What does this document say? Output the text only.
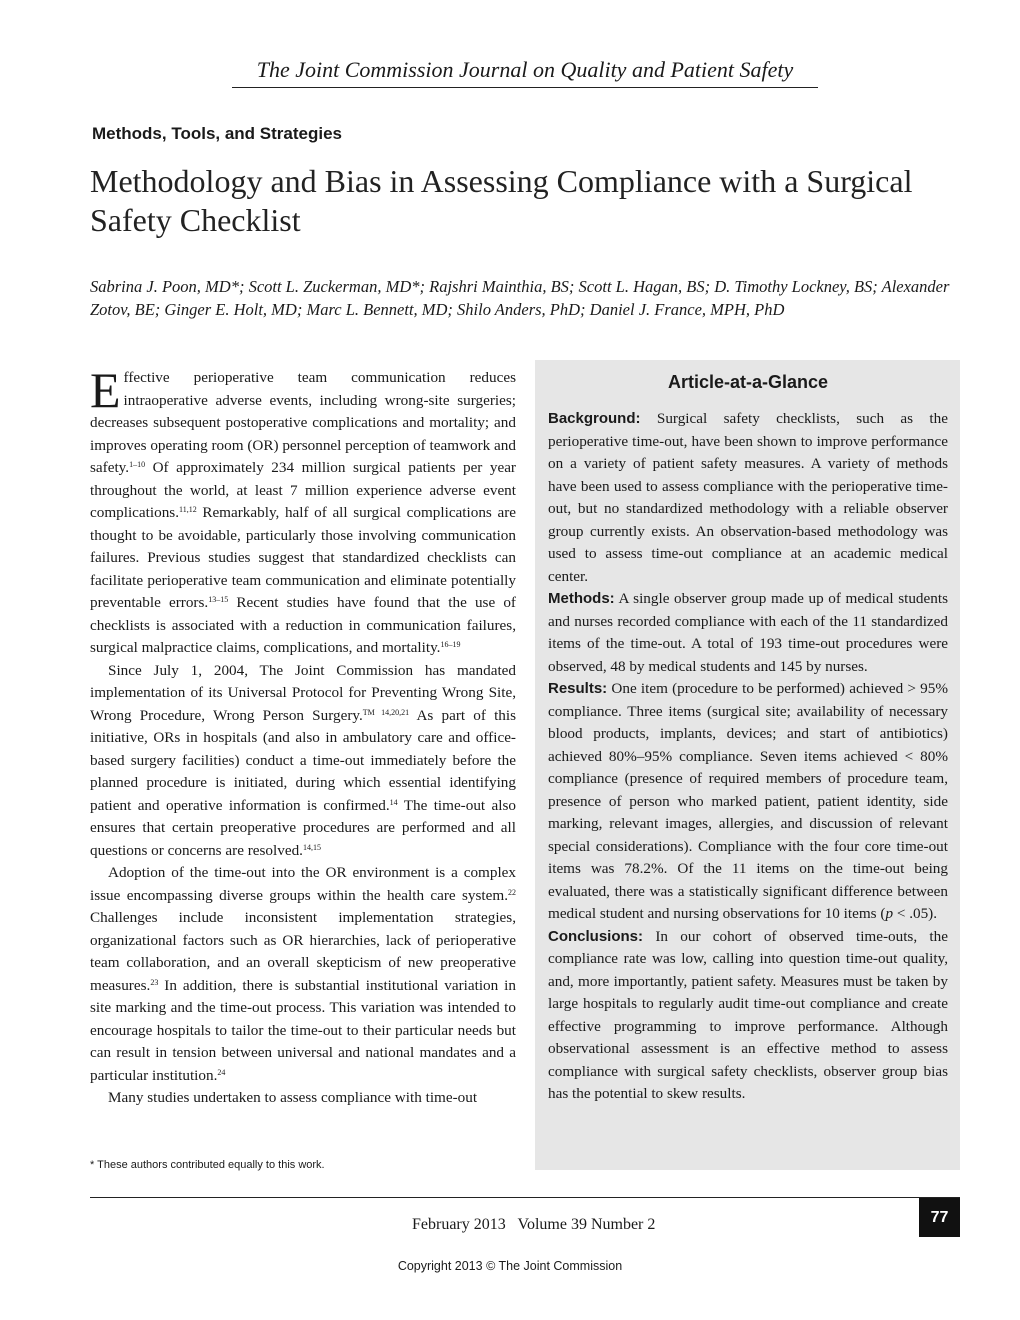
The Joint Commission Journal on Quality and Patient Safety
Methods, Tools, and Strategies
Methodology and Bias in Assessing Compliance with a Surgical Safety Checklist
Sabrina J. Poon, MD*; Scott L. Zuckerman, MD*; Rajshri Mainthia, BS; Scott L. Hagan, BS; D. Timothy Lockney, BS; Alexander Zotov, BE; Ginger E. Holt, MD; Marc L. Bennett, MD; Shilo Anders, PhD; Daniel J. France, MPH, PhD

Effective perioperative team communication reduces intraoperative adverse events, including wrong-site surgeries; decreases subsequent postoperative complications and mortality; and improves operating room (OR) personnel perception of teamwork and safety.$^{1-10}$ Of approximately 234 million surgical patients per year throughout the world, at least 7 million experience adverse event complications.$^{11,12}$ Remarkably, half of all surgical complications are thought to be avoidable, particularly those involving communication failures. Previous studies suggest that standardized checklists can facilitate perioperative team communication and eliminate potentially preventable errors.$^{13-15}$ Recent studies have found that the use of checklists is associated with a reduction in communication failures, surgical malpractice claims, complications, and mortality.$^{16-19}$

Since July 1, 2004, The Joint Commission has mandated implementation of its Universal Protocol for Preventing Wrong Site, Wrong Procedure, Wrong Person Surgery.$^{TM 14,20,21}$ As part of this initiative, ORs in hospitals (and also in ambulatory care and office-based surgery facilities) conduct a time-out immediately before the planned procedure is initiated, during which essential identifying patient and operative information is confirmed.$^{14}$ The time-out also ensures that certain preoperative procedures are performed and all questions or concerns are resolved.$^{14,15}$

Adoption of the time-out into the OR environment is a complex issue encompassing diverse groups within the health care system.$^{22}$ Challenges include inconsistent implementation strategies, organizational factors such as OR hierarchies, lack of perioperative team collaboration, and an overall skepticism of new preoperative measures.$^{23}$ In addition, there is substantial institutional variation in site marking and the time-out process. This variation was intended to encourage hospitals to tailor the time-out to their particular needs but can result in tension between universal and national mandates and a particular institution.$^{24}$

Many studies undertaken to assess compliance with time-out

Article-at-a-Glance

Background: Surgical safety checklists, such as the perioperative time-out, have been shown to improve performance on a variety of patient safety measures. A variety of methods have been used to assess compliance with the perioperative time-out, but no standardized methodology with a reliable observer group currently exists. An observation-based methodology was used to assess time-out compliance at an academic medical center.

Methods: A single observer group made up of medical students and nurses recorded compliance with each of the 11 standardized items of the time-out. A total of 193 time-out procedures were observed, 48 by medical students and 145 by nurses.

Results: One item (procedure to be performed) achieved > 95% compliance. Three items (surgical site; availability of necessary blood products, implants, devices; and start of antibiotics) achieved 80%–95% compliance. Seven items achieved < 80% compliance (presence of required members of procedure team, presence of person who marked patient, patient identity, side marking, relevant images, allergies, and discussion of relevant special considerations). Compliance with the four core time-out items was 78.2%. Of the 11 items on the time-out being evaluated, there was a statistically significant difference between medical student and nursing observations for 10 items (p < .05).

Conclusions: In our cohort of observed time-outs, the compliance rate was low, calling into question time-out quality, and, more importantly, patient safety. Measures must be taken by large hospitals to regularly audit time-out compliance and create effective programming to improve performance. Although observational assessment is an effective method to assess compliance with surgical safety checklists, observer group bias has the potential to skew results.

* These authors contributed equally to this work.
February 2013   Volume 39 Number 2	77
Copyright 2013 © The Joint Commission
